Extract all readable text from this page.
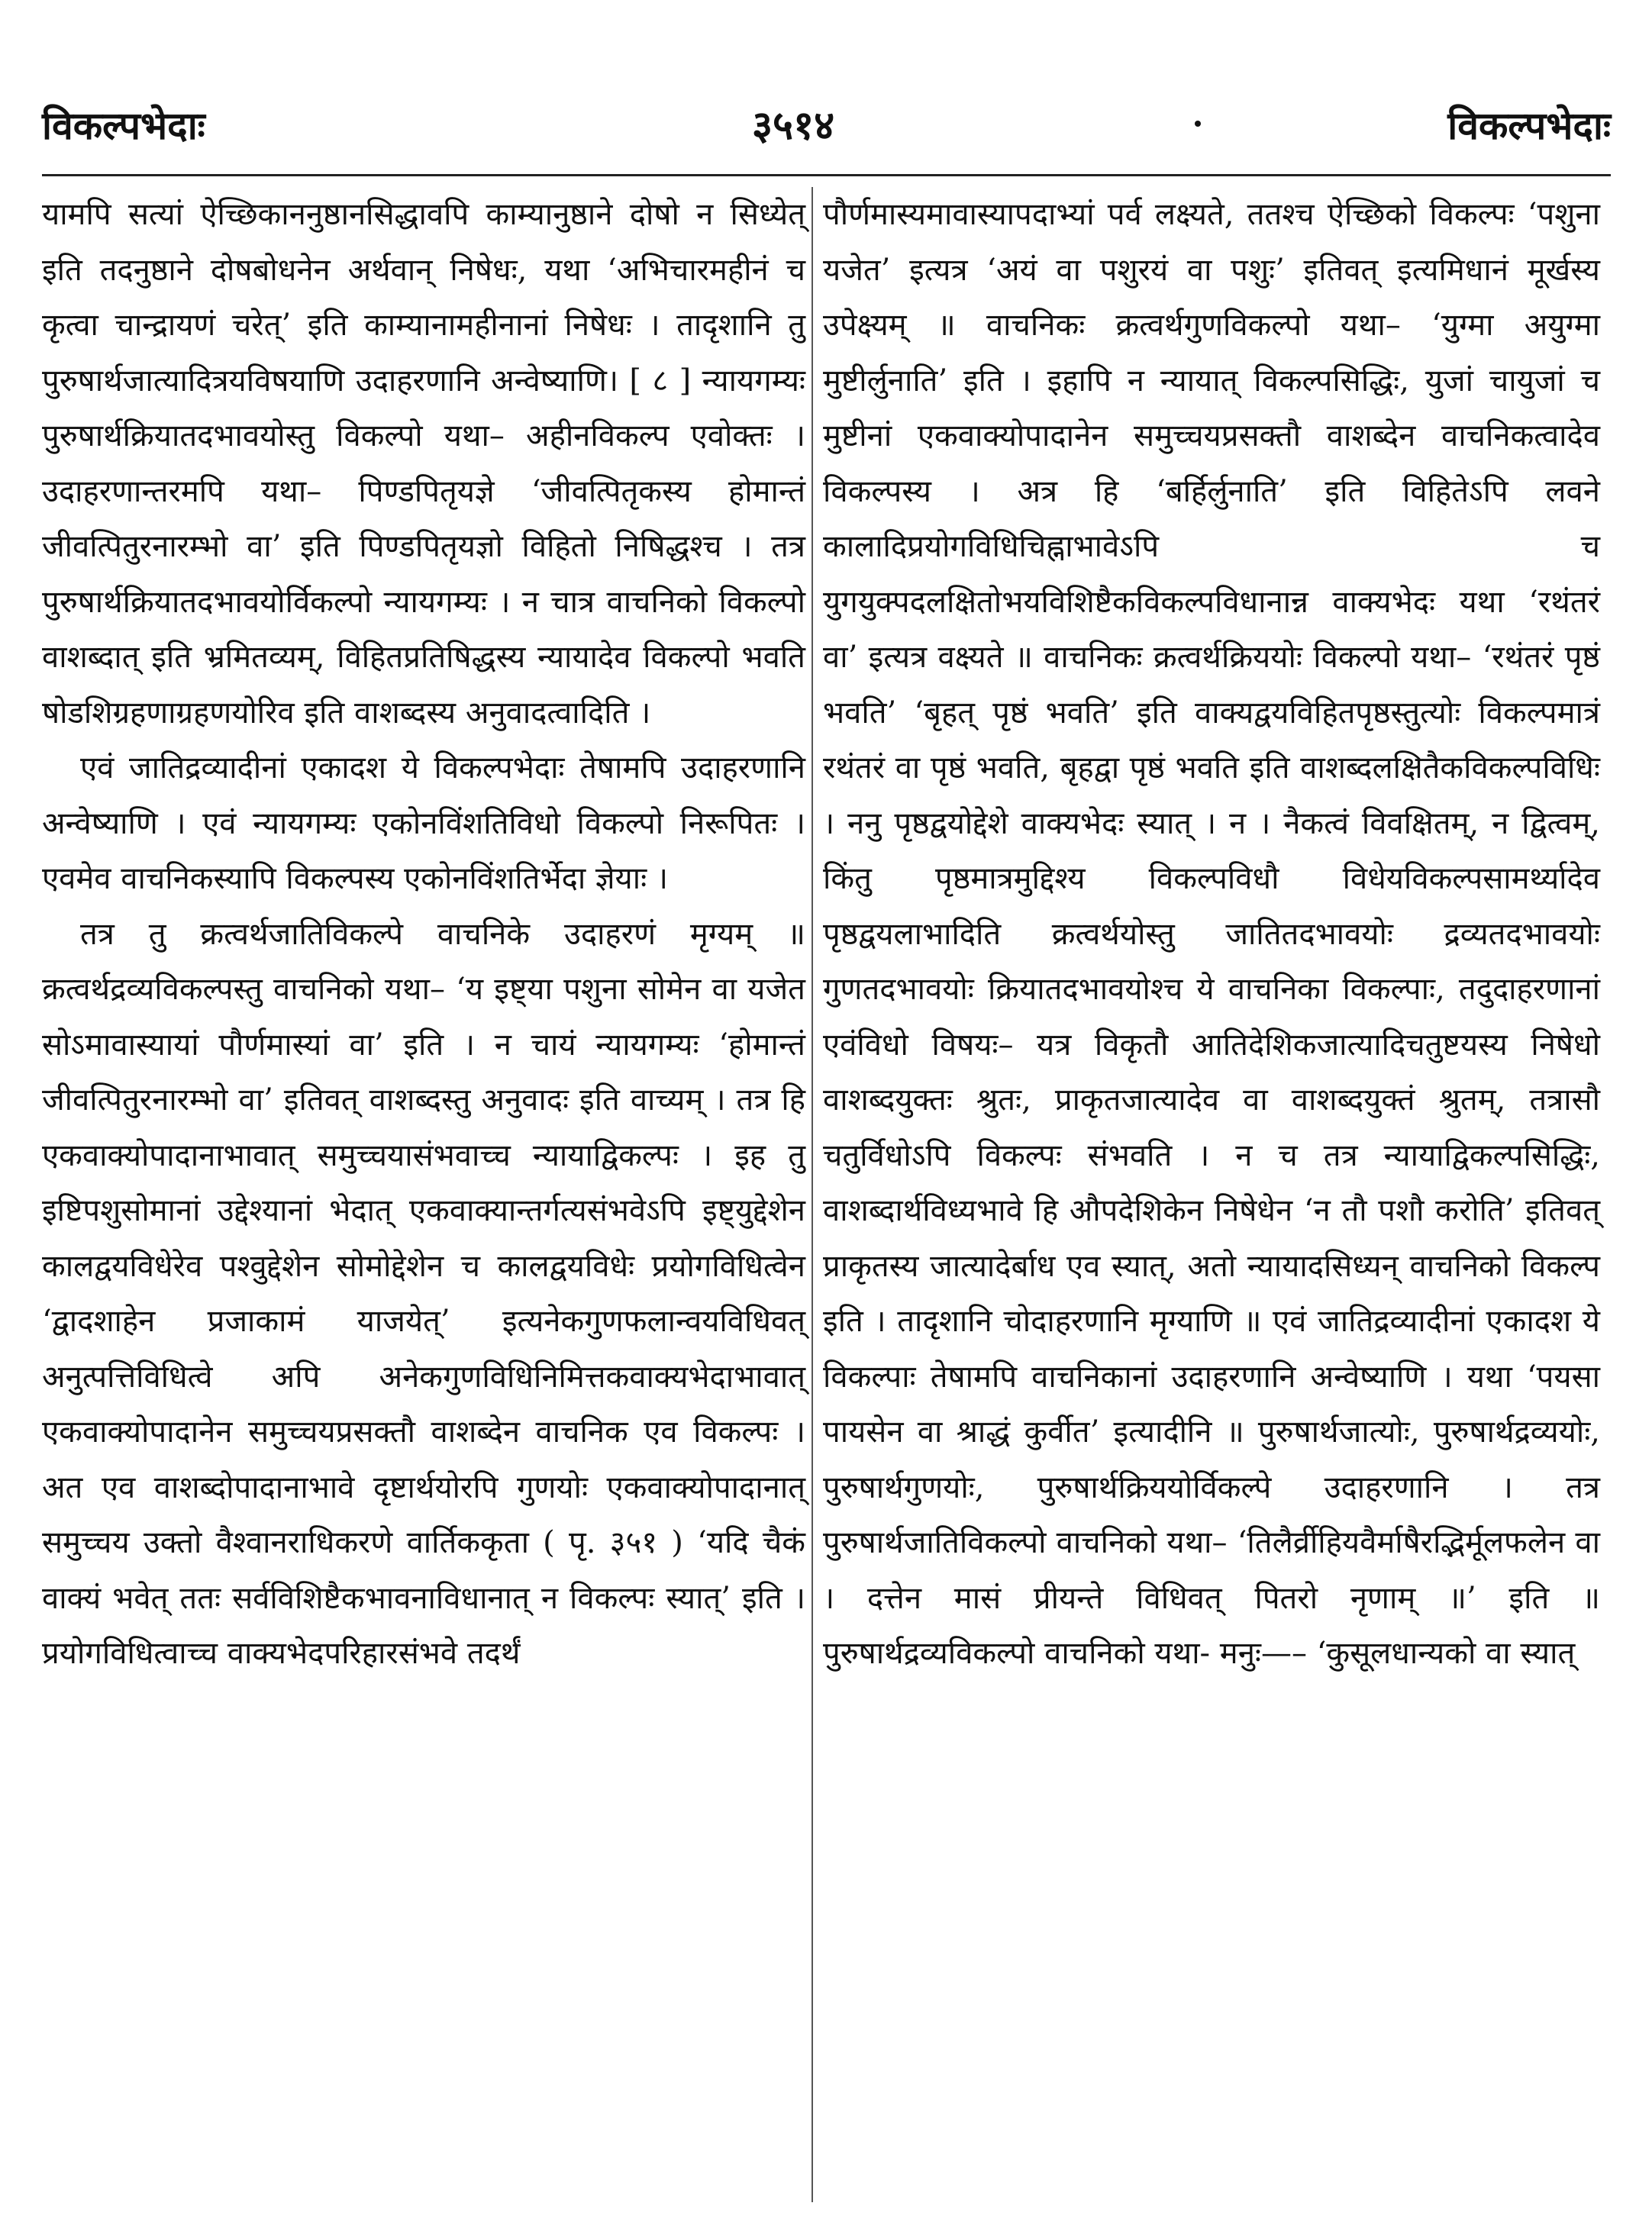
विकल्पभेदाः	३५१४	विकल्पभेदाः

यामपि सत्यां ऐच्छिकाननुष्ठानसिद्धावपि काम्यानुष्ठाने दोषो न सिध्येत् इति तदनुष्ठाने दोषबोधनेन अर्थवान् निषेधः, यथा ‘अभिचारमहीनं च कृत्वा चान्द्रायणं चरेत्’ इति काम्यानामहीनानां निषेधः । तादृशानि तु पुरुषार्थजात्यादित्रयविषयाणि उदाहरणानि अन्वेष्याणि। [ ८ ] न्यायगम्यः पुरुषार्थक्रियातदभावयोस्तु विकल्पो यथा– अहीनविकल्प एवोक्तः । उदाहरणान्तरमपि यथा– पिण्डपितृयज्ञे ‘जीवत्पितृकस्य होमान्तं जीवत्पितुरनारम्भो वा’ इति पिण्डपितृयज्ञो विहितो निषिद्धश्च । तत्र पुरुषार्थक्रियातदभावयोर्विकल्पो न्यायगम्यः । न चात्र वाचनिको विकल्पो वाशब्दात् इति भ्रमितव्यम्, विहितप्रतिषिद्धस्य न्यायादेव विकल्पो भवति षोडशिग्रहणाग्रहणयोरिव इति वाशब्दस्य अनुवादत्वादिति ।

एवं जातिद्रव्यादीनां एकादश ये विकल्पभेदाः तेषामपि उदाहरणानि अन्वेष्याणि । एवं न्यायगम्यः एकोनविंशतिविधो विकल्पो निरूपितः । एवमेव वाचनिकस्यापि विकल्पस्य एकोनविंशतिर्भेदा ज्ञेयाः ।

तत्र तु क्रत्वर्थजातिविकल्पे वाचनिके उदाहरणं मृग्यम् ॥ क्रत्वर्थद्रव्यविकल्पस्तु वाचनिको यथा– ‘य इष्ट्या पशुना सोमेन वा यजेत सोऽमावास्यायां पौर्णमास्यां वा’ इति । न चायं न्यायगम्यः ‘होमान्तं जीवत्पितुरनारम्भो वा’ इतिवत् वाशब्दस्तु अनुवादः इति वाच्यम् । तत्र हि एकवाक्योपादानाभावात् समुच्चयासंभवाच्च न्यायाद्विकल्पः । इह तु इष्टिपशुसोमानां उद्देश्यानां भेदात् एकवाक्यान्तर्गत्यसंभवेऽपि इष्ट्युद्देशेन कालद्वयविधेरेव पश्वुद्देशेन सोमोद्देशेन च कालद्वयविधेः प्रयोगविधित्वेन ‘द्वादशाहेन प्रजाकामं याजयेत्’ इत्यनेकगुणफलान्वयविधिवत् अनुत्पत्तिविधित्वे अपि अनेकगुणविधिनिमित्तकवाक्यभेदाभावात् एकवाक्योपादानेन समुच्चयप्रसक्तौ वाशब्देन वाचनिक एव विकल्पः । अत एव वाशब्दोपादानाभावे दृष्टार्थयोरपि गुणयोः एकवाक्योपादानात् समुच्चय उक्तो वैश्वानराधिकरणे वार्तिककृता ( पृ. ३५१ ) ‘यदि चैकं वाक्यं भवेत् ततः सर्वविशिष्टैकभावनाविधानात् न विकल्पः स्यात्’ इति । प्रयोगविधित्वाच्च वाक्यभेदपरिहारसंभवे तदर्थं

पौर्णमास्यमावास्यापदाभ्यां पर्व लक्ष्यते, ततश्च ऐच्छिको विकल्पः ‘पशुना यजेत’ इत्यत्र ‘अयं वा पशुरयं वा पशुः’ इतिवत् इत्यमिधानं मूर्खस्य उपेक्ष्यम् ॥ वाचनिकः क्रत्वर्थगुणविकल्पो यथा– ‘युग्मा अयुग्मा मुष्टीर्लुनाति’ इति । इहापि न न्यायात् विकल्पसिद्धिः, युजां चायुजां च मुष्टीनां एकवाक्योपादानेन समुच्चयप्रसक्तौ वाशब्देन वाचनिकत्वादेव विकल्पस्य । अत्र हि ‘बर्हिर्लुनाति’ इति विहितेऽपि लवने कालादिप्रयोगविधिचिह्नाभावेऽपि च युगयुक्पदलक्षितोभयविशिष्टैकविकल्पविधानान्न वाक्यभेदः यथा ‘रथंतरं वा’ इत्यत्र वक्ष्यते ॥ वाचनिकः क्रत्वर्थक्रिययोः विकल्पो यथा– ‘रथंतरं पृष्ठं भवति’ ‘बृहत् पृष्ठं भवति’ इति वाक्यद्वयविहितपृष्ठस्तुत्योः विकल्पमात्रं रथंतरं वा पृष्ठं भवति, बृहद्वा पृष्ठं भवति इति वाशब्दलक्षितैकविकल्पविधिः । ननु पृष्ठद्वयोद्देशे वाक्यभेदः स्यात् । न । नैकत्वं विवक्षितम्, न द्वित्वम्, किंतु पृष्ठमात्रमुद्दिश्य विकल्पविधौ विधेयविकल्पसामर्थ्यादेव पृष्ठद्वयलाभादिति क्रत्वर्थयोस्तु जातितदभावयोः द्रव्यतदभावयोः गुणतदभावयोः क्रियातदभावयोश्च ये वाचनिका विकल्पाः, तदुदाहरणानां एवंविधो विषयः– यत्र विकृतौ आतिदेशिकजात्यादिचतुष्टयस्य निषेधो वाशब्दयुक्तः श्रुतः, प्राकृतजात्यादेव वा वाशब्दयुक्तं श्रुतम्, तत्रासौ चतुर्विधोऽपि विकल्पः संभवति । न च तत्र न्यायाद्विकल्पसिद्धिः, वाशब्दार्थविध्यभावे हि औपदेशिकेन निषेधेन ‘न तौ पशौ करोति’ इतिवत् प्राकृतस्य जात्यादेर्बाध एव स्यात्, अतो न्यायादसिध्यन् वाचनिको विकल्प इति । तादृशानि चोदाहरणानि मृग्याणि ॥ एवं जातिद्रव्यादीनां एकादश ये विकल्पाः तेषामपि वाचनिकानां उदाहरणानि अन्वेष्याणि । यथा ‘पयसा पायसेन वा श्राद्धं कुर्वीत’ इत्यादीनि ॥ पुरुषार्थजात्योः, पुरुषार्थद्रव्ययोः, पुरुषार्थगुणयोः, पुरुषार्थक्रिययोर्विकल्पे उदाहरणानि । तत्र पुरुषार्थजातिविकल्पो वाचनिको यथा– ‘तिलैर्व्रीहियवैर्माषैरद्भिर्मूलफलेन वा । दत्तेन मासं प्रीयन्ते विधिवत् पितरो नृणाम् ॥’ इति ॥ पुरुषार्थद्रव्यविकल्पो वाचनिको यथा- मनुः—– ‘कुसूलधान्यको वा स्यात्
